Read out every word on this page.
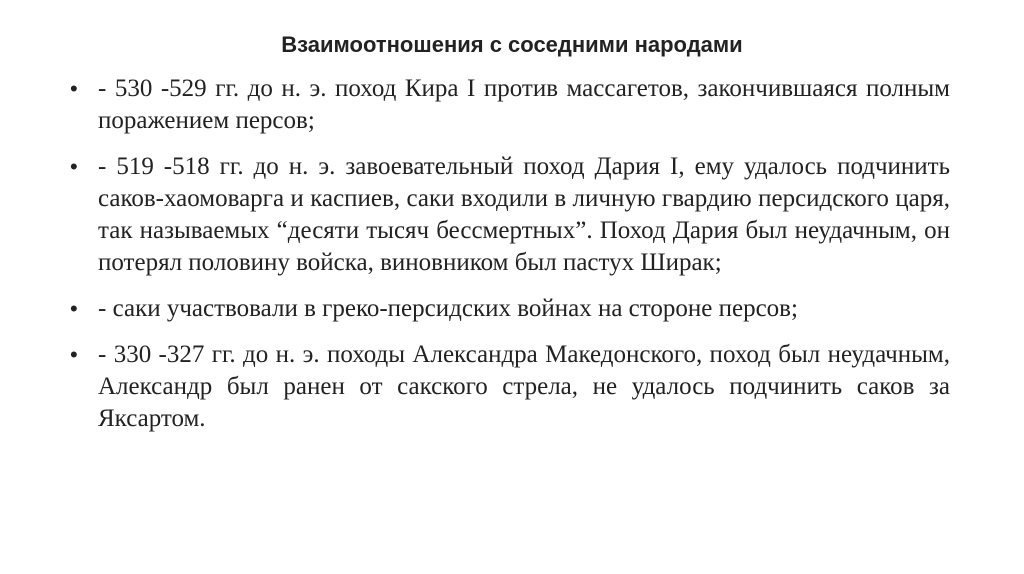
Взаимоотношения с соседними народами
• - 530 -529 гг. до н. э. поход Кира I против массагетов, закончившаяся полным поражением персов;
• - 519 -518 гг. до н. э. завоевательный поход Дария I, ему удалось подчинить саков-хаомоварга и каспиев, саки входили в личную гвардию персидского царя, так называемых “десяти тысяч бессмертных”. Поход Дария был неудачным, он потерял половину войска, виновником был пастух Ширак;
• - саки участвовали в греко-персидских войнах на стороне персов;
• - 330 -327 гг. до н. э. походы Александра Македонского, поход был неудачным, Александр был ранен от сакского стрела, не удалось подчинить саков за Яксартом.
